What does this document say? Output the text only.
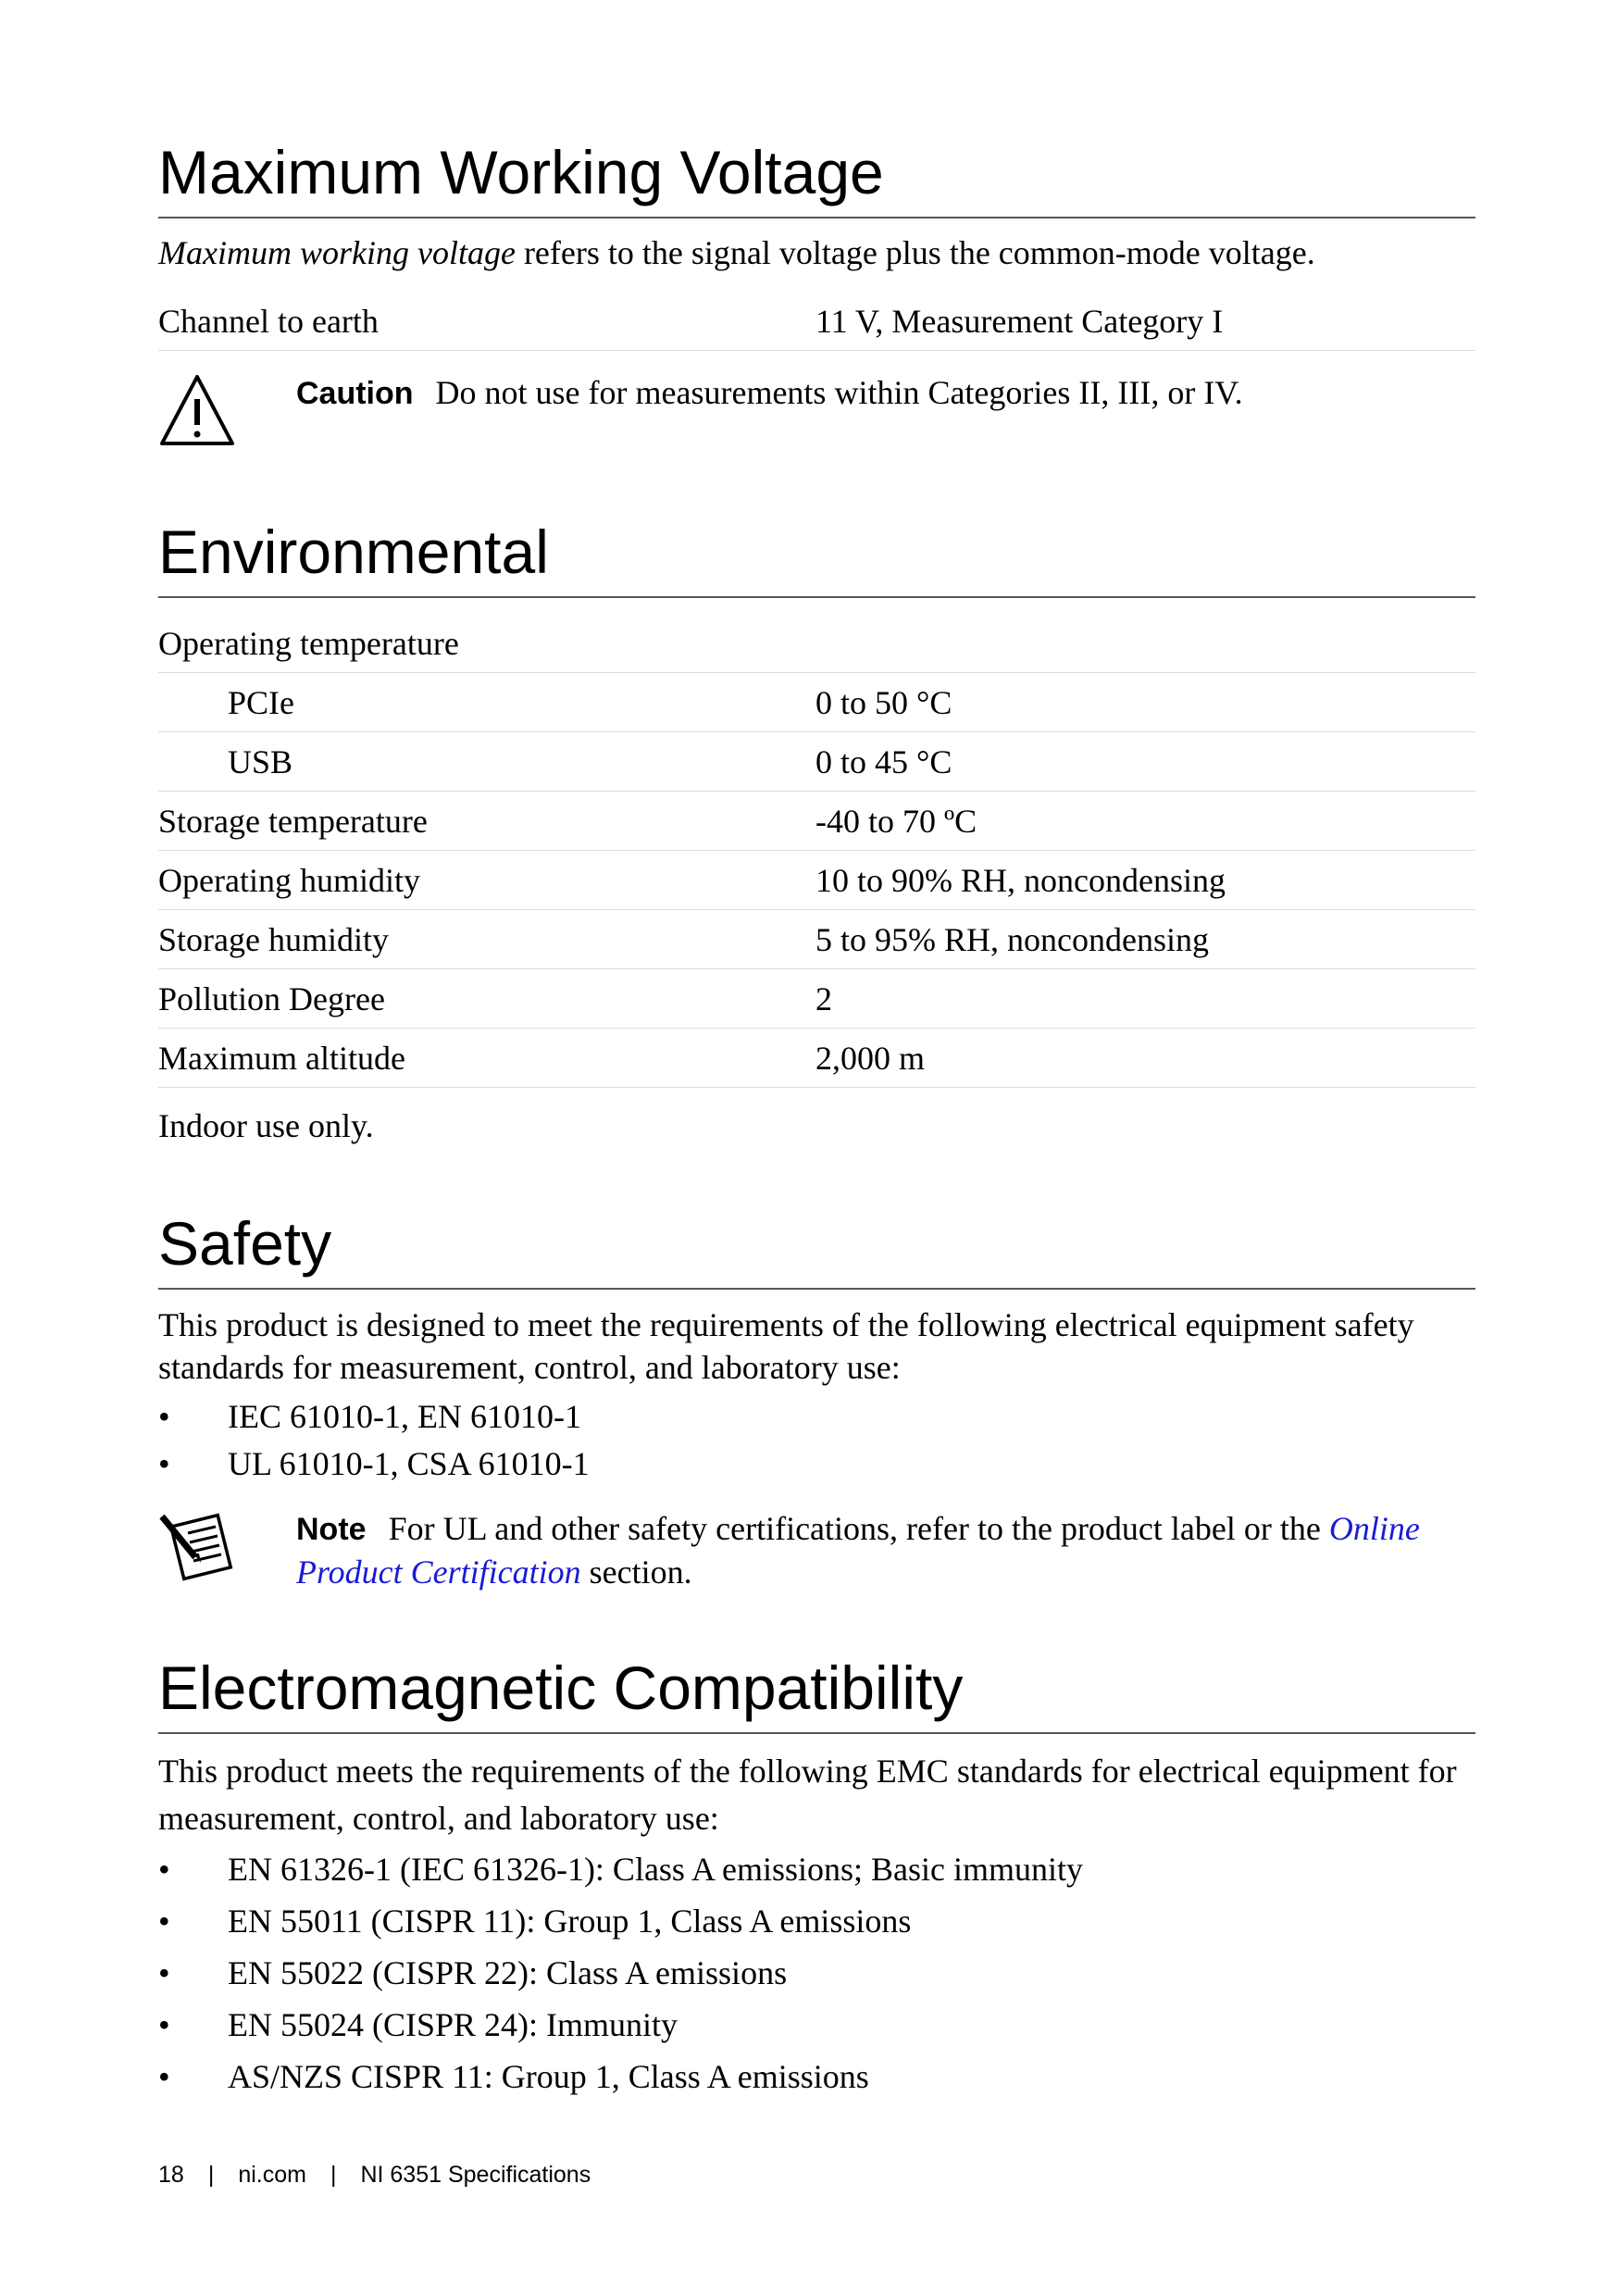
Maximum Working Voltage
Maximum working voltage refers to the signal voltage plus the common-mode voltage.
Channel to earth	11 V, Measurement Category I
Caution Do not use for measurements within Categories II, III, or IV.
Environmental
Operating temperature
PCIe	0 to 50 °C
USB	0 to 45 °C
Storage temperature	-40 to 70 ºC
Operating humidity	10 to 90% RH, noncondensing
Storage humidity	5 to 95% RH, noncondensing
Pollution Degree	2
Maximum altitude	2,000 m
Indoor use only.
Safety
This product is designed to meet the requirements of the following electrical equipment safety standards for measurement, control, and laboratory use:
•	IEC 61010-1, EN 61010-1
•	UL 61010-1, CSA 61010-1
Note For UL and other safety certifications, refer to the product label or the Online Product Certification section.
Electromagnetic Compatibility
This product meets the requirements of the following EMC standards for electrical equipment for measurement, control, and laboratory use:
•	EN 61326-1 (IEC 61326-1): Class A emissions; Basic immunity
•	EN 55011 (CISPR 11): Group 1, Class A emissions
•	EN 55022 (CISPR 22): Class A emissions
•	EN 55024 (CISPR 24): Immunity
•	AS/NZS CISPR 11: Group 1, Class A emissions
18 | ni.com | NI 6351 Specifications
